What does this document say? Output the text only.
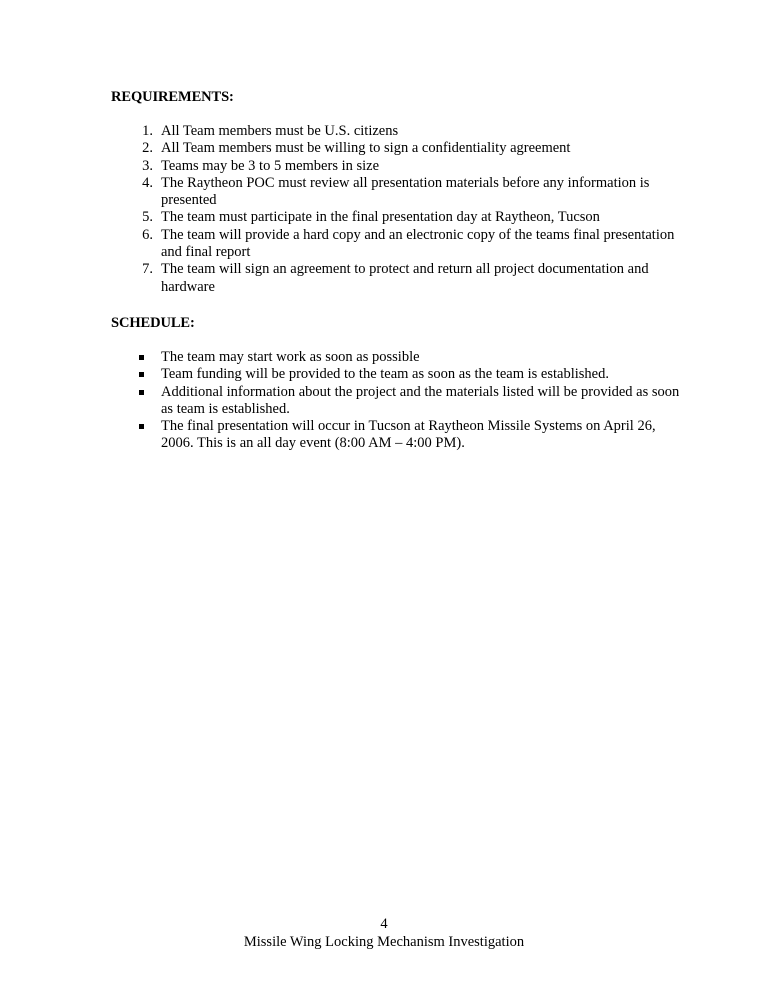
REQUIREMENTS:
1. All Team members must be U.S. citizens
2. All Team members must be willing to sign a confidentiality agreement
3. Teams may be 3 to 5 members in size
4. The Raytheon POC must review all presentation materials before any information is presented
5. The team must participate in the final presentation day at Raytheon, Tucson
6. The team will provide a hard copy and an electronic copy of the teams final presentation and final report
7. The team will sign an agreement to protect and return all project documentation and hardware
SCHEDULE:
The team may start work as soon as possible
Team funding will be provided to the team as soon as the team is established.
Additional information about the project and the materials listed will be provided as soon as team is established.
The final presentation will occur in Tucson at Raytheon Missile Systems on April 26, 2006. This is an all day event (8:00 AM – 4:00 PM).
4
Missile Wing Locking Mechanism Investigation
